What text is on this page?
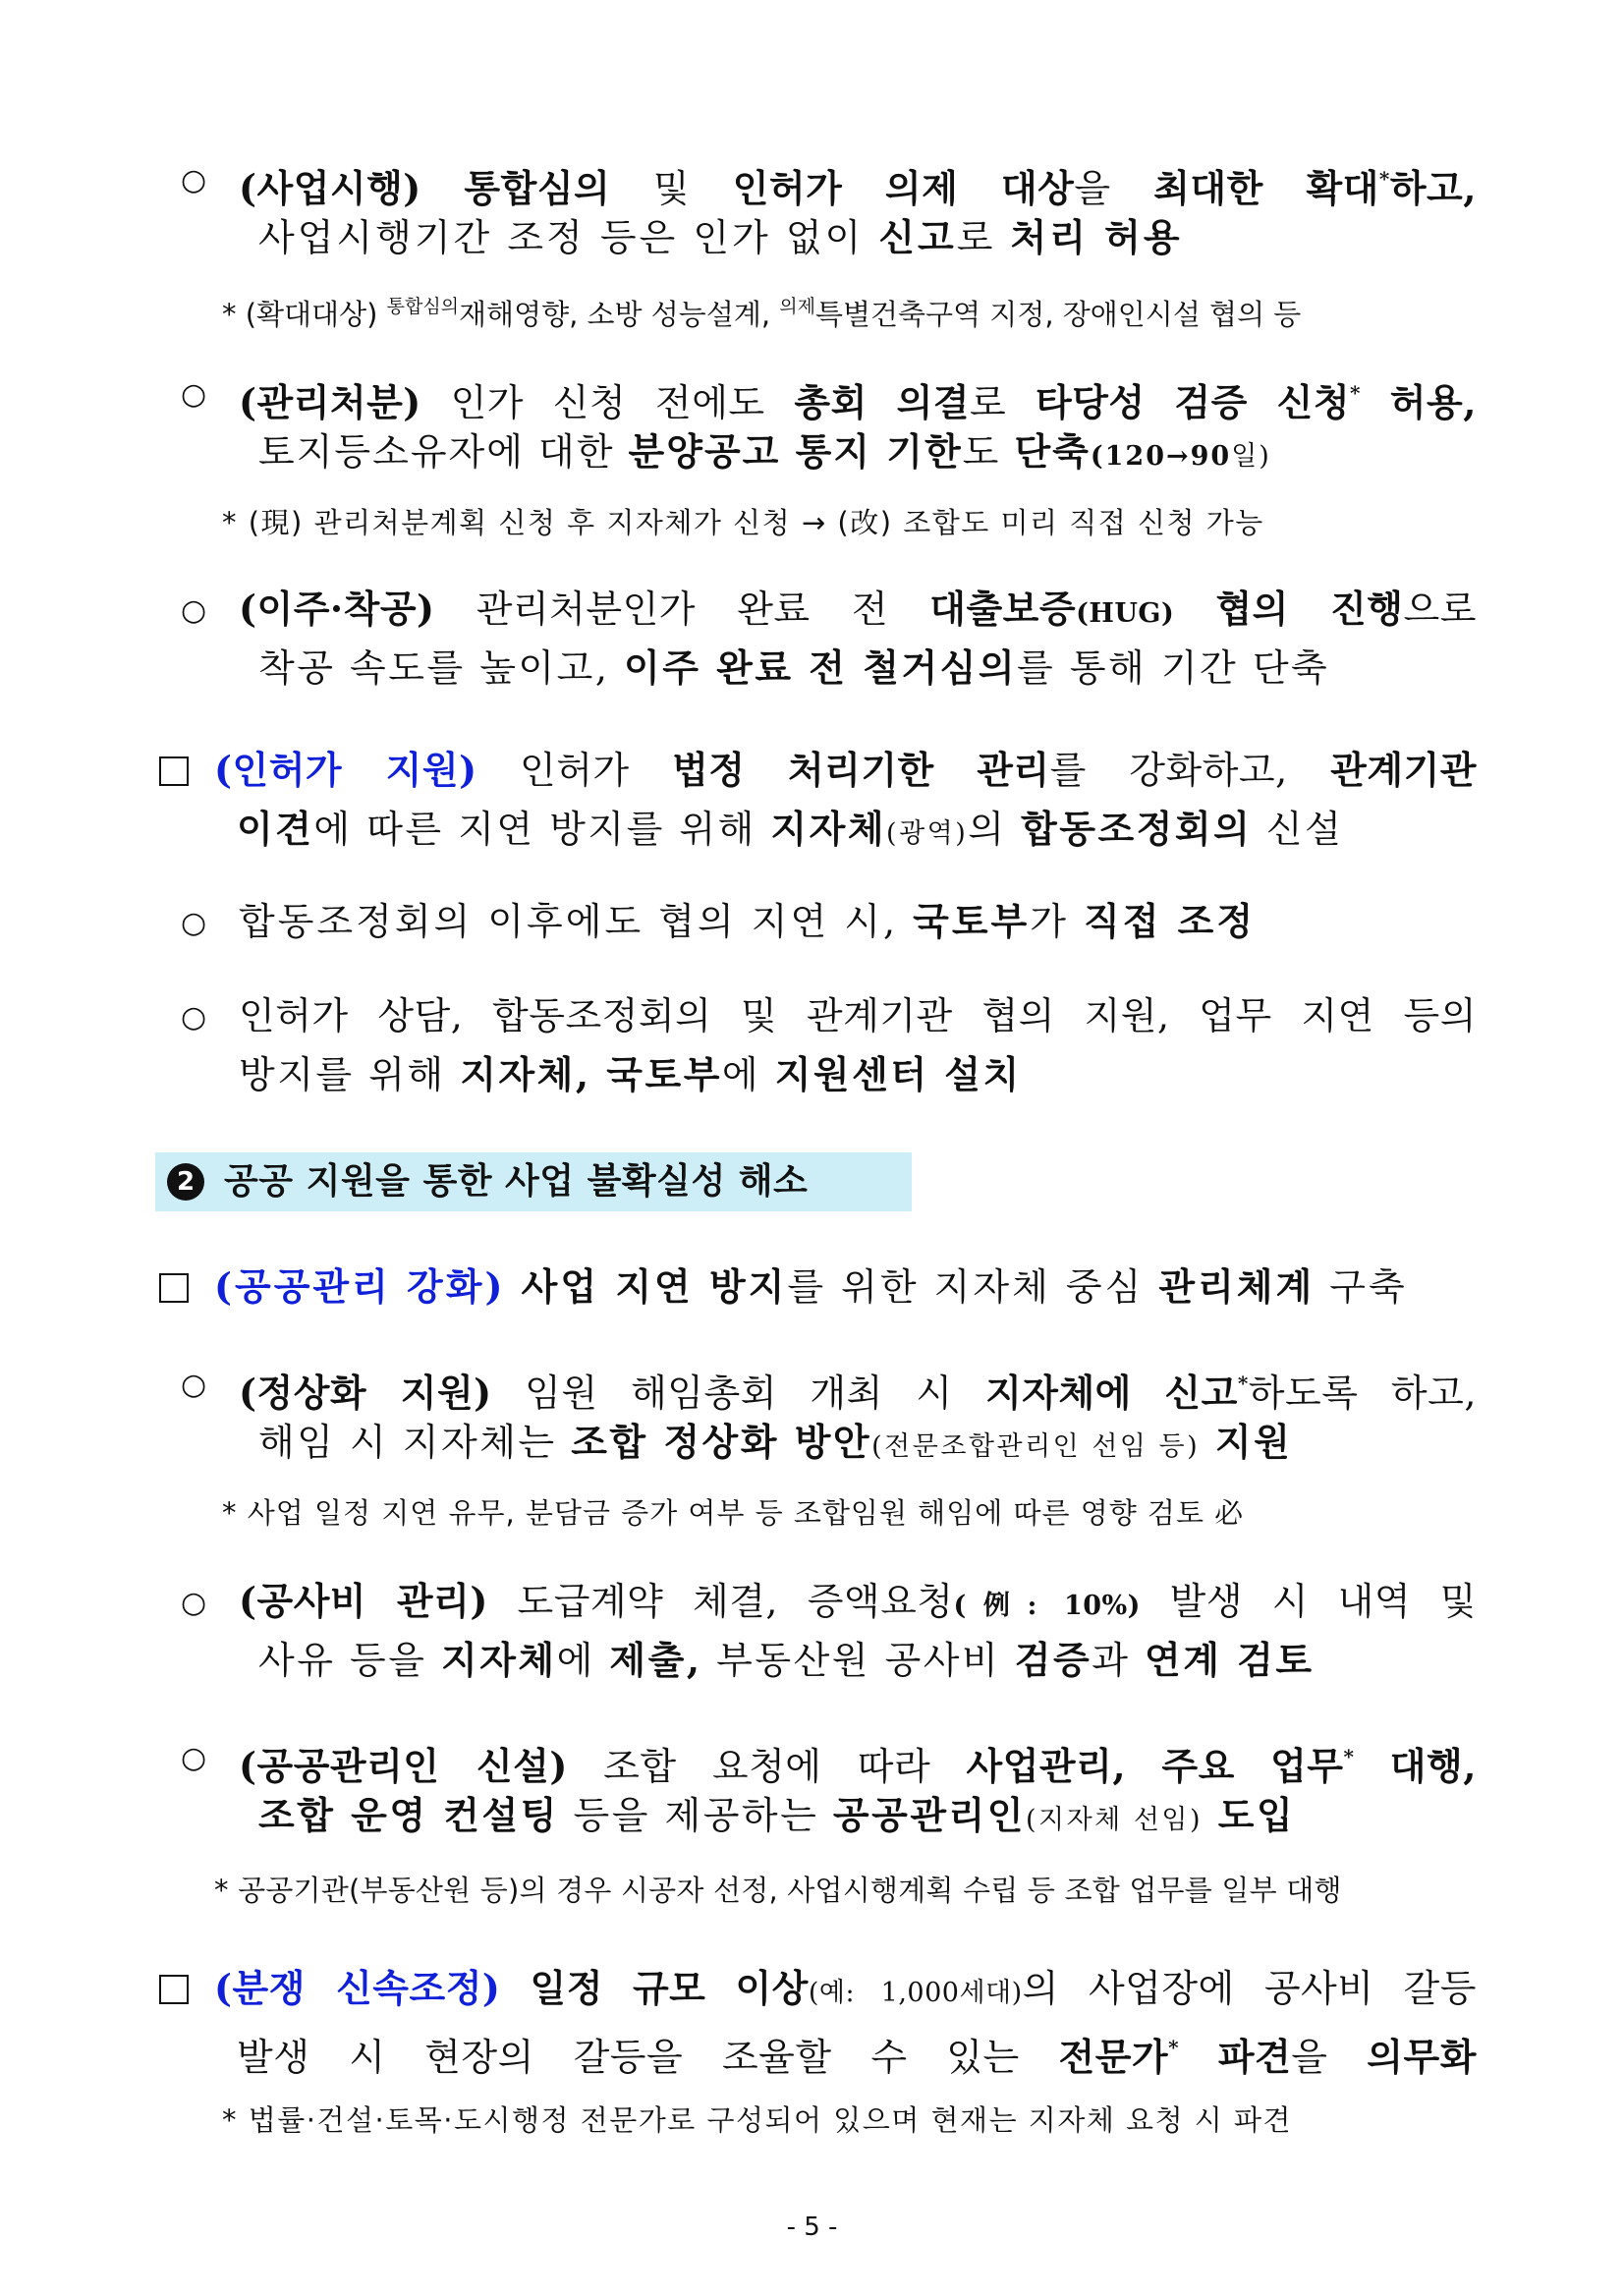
○ (사업시행) 통합심의 및 인허가 의제 대상을 최대한 확대*하고,
사업시행기간 조정 등은 인가 없이 신고로 처리 허용
* (확대대상) $^{통합심의}$재해영향, 소방 성능설계, $^{의제}$특별건축구역 지정, 장애인시설 협의 등
○ (관리처분) 인가 신청 전에도 총회 의결로 타당성 검증 신청* 허용,
토지등소유자에 대한 분양공고 통지 기한도 단축(120→90일)
* (現) 관리처분계획 신청 후 지자체가 신청 → (改) 조합도 미리 직접 신청 가능
○ (이주·착공) 관리처분인가 완료 전 대출보증(HUG) 협의 진행으로
착공 속도를 높이고, 이주 완료 전 철거심의를 통해 기간 단축
(인허가 지원) 인허가 법정 처리기한 관리를 강화하고, 관계기관
이견에 따른 지연 방지를 위해 지자체(광역)의 합동조정회의 신설
○ 합동조정회의 이후에도 협의 지연 시, 국토부가 직접 조정
○ 인허가 상담, 합동조정회의 및 관계기관 협의 지원, 업무 지연 등의
방지를 위해 지자체, 국토부에 지원센터 설치
2 공공 지원을 통한 사업 불확실성 해소
(공공관리 강화) 사업 지연 방지를 위한 지자체 중심 관리체계 구축
○ (정상화 지원) 임원 해임총회 개최 시 지자체에 신고*하도록 하고,
해임 시 지자체는 조합 정상화 방안(전문조합관리인 선임 등) 지원
* 사업 일정 지연 유무, 분담금 증가 여부 등 조합임원 해임에 따른 영향 검토 必
○ (공사비 관리) 도급계약 체결, 증액요청(例: 10%) 발생 시 내역 및
사유 등을 지자체에 제출, 부동산원 공사비 검증과 연계 검토
○ (공공관리인 신설) 조합 요청에 따라 사업관리, 주요 업무* 대행,
조합 운영 컨설팅 등을 제공하는 공공관리인(지자체 선임) 도입
* 공공기관(부동산원 등)의 경우 시공자 선정, 사업시행계획 수립 등 조합 업무를 일부 대행
(분쟁 신속조정) 일정 규모 이상(예: 1,000세대)의 사업장에 공사비 갈등
발생 시 현장의 갈등을 조율할 수 있는 전문가* 파견을 의무화
* 법률·건설·토목·도시행정 전문가로 구성되어 있으며 현재는 지자체 요청 시 파견
- 5 -
